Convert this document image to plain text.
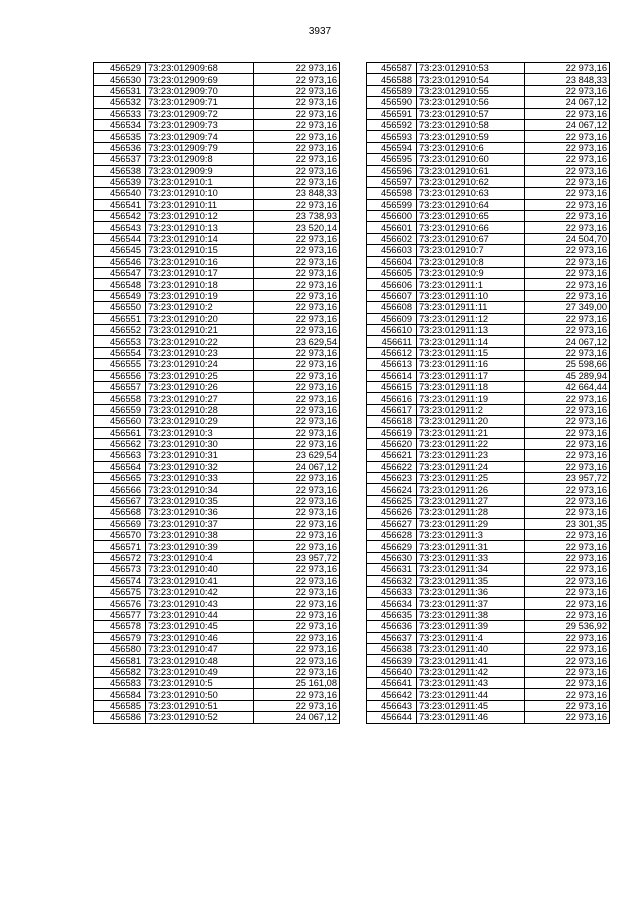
3937
456529	73:23:012909:68	22 973,16
456530	73:23:012909:69	22 973,16
456531	73:23:012909:70	22 973,16
456532	73:23:012909:71	22 973,16
456533	73:23:012909:72	22 973,16
456534	73:23:012909:73	22 973,16
456535	73:23:012909:74	22 973,16
456536	73:23:012909:79	22 973,16
456537	73:23:012909:8	22 973,16
456538	73:23:012909:9	22 973,16
456539	73:23:012910:1	22 973,16
456540	73:23:012910:10	23 848,33
456541	73:23:012910:11	22 973,16
456542	73:23:012910:12	23 738,93
456543	73:23:012910:13	23 520,14
456544	73:23:012910:14	22 973,16
456545	73:23:012910:15	22 973,16
456546	73:23:012910:16	22 973,16
456547	73:23:012910:17	22 973,16
456548	73:23:012910:18	22 973,16
456549	73:23:012910:19	22 973,16
456550	73:23:012910:2	22 973,16
456551	73:23:012910:20	22 973,16
456552	73:23:012910:21	22 973,16
456553	73:23:012910:22	23 629,54
456554	73:23:012910:23	22 973,16
456555	73:23:012910:24	22 973,16
456556	73:23:012910:25	22 973,16
456557	73:23:012910:26	22 973,16
456558	73:23:012910:27	22 973,16
456559	73:23:012910:28	22 973,16
456560	73:23:012910:29	22 973,16
456561	73:23:012910:3	22 973,16
456562	73:23:012910:30	22 973,16
456563	73:23:012910:31	23 629,54
456564	73:23:012910:32	24 067,12
456565	73:23:012910:33	22 973,16
456566	73:23:012910:34	22 973,16
456567	73:23:012910:35	22 973,16
456568	73:23:012910:36	22 973,16
456569	73:23:012910:37	22 973,16
456570	73:23:012910:38	22 973,16
456571	73:23:012910:39	22 973,16
456572	73:23:012910:4	23 957,72
456573	73:23:012910:40	22 973,16
456574	73:23:012910:41	22 973,16
456575	73:23:012910:42	22 973,16
456576	73:23:012910:43	22 973,16
456577	73:23:012910:44	22 973,16
456578	73:23:012910:45	22 973,16
456579	73:23:012910:46	22 973,16
456580	73:23:012910:47	22 973,16
456581	73:23:012910:48	22 973,16
456582	73:23:012910:49	22 973,16
456583	73:23:012910:5	25 161,08
456584	73:23:012910:50	22 973,16
456585	73:23:012910:51	22 973,16
456586	73:23:012910:52	24 067,12
456587	73:23:012910:53	22 973,16
456588	73:23:012910:54	23 848,33
456589	73:23:012910:55	22 973,16
456590	73:23:012910:56	24 067,12
456591	73:23:012910:57	22 973,16
456592	73:23:012910:58	24 067,12
456593	73:23:012910:59	22 973,16
456594	73:23:012910:6	22 973,16
456595	73:23:012910:60	22 973,16
456596	73:23:012910:61	22 973,16
456597	73:23:012910:62	22 973,16
456598	73:23:012910:63	22 973,16
456599	73:23:012910:64	22 973,16
456600	73:23:012910:65	22 973,16
456601	73:23:012910:66	22 973,16
456602	73:23:012910:67	24 504,70
456603	73:23:012910:7	22 973,16
456604	73:23:012910:8	22 973,16
456605	73:23:012910:9	22 973,16
456606	73:23:012911:1	22 973,16
456607	73:23:012911:10	22 973,16
456608	73:23:012911:11	27 349,00
456609	73:23:012911:12	22 973,16
456610	73:23:012911:13	22 973,16
456611	73:23:012911:14	24 067,12
456612	73:23:012911:15	22 973,16
456613	73:23:012911:16	25 598,66
456614	73:23:012911:17	45 289,94
456615	73:23:012911:18	42 664,44
456616	73:23:012911:19	22 973,16
456617	73:23:012911:2	22 973,16
456618	73:23:012911:20	22 973,16
456619	73:23:012911:21	22 973,16
456620	73:23:012911:22	22 973,16
456621	73:23:012911:23	22 973,16
456622	73:23:012911:24	22 973,16
456623	73:23:012911:25	23 957,72
456624	73:23:012911:26	22 973,16
456625	73:23:012911:27	22 973,16
456626	73:23:012911:28	22 973,16
456627	73:23:012911:29	23 301,35
456628	73:23:012911:3	22 973,16
456629	73:23:012911:31	22 973,16
456630	73:23:012911:33	22 973,16
456631	73:23:012911:34	22 973,16
456632	73:23:012911:35	22 973,16
456633	73:23:012911:36	22 973,16
456634	73:23:012911:37	22 973,16
456635	73:23:012911:38	22 973,16
456636	73:23:012911:39	29 536,92
456637	73:23:012911:4	22 973,16
456638	73:23:012911:40	22 973,16
456639	73:23:012911:41	22 973,16
456640	73:23:012911:42	22 973,16
456641	73:23:012911:43	22 973,16
456642	73:23:012911:44	22 973,16
456643	73:23:012911:45	22 973,16
456644	73:23:012911:46	22 973,16
